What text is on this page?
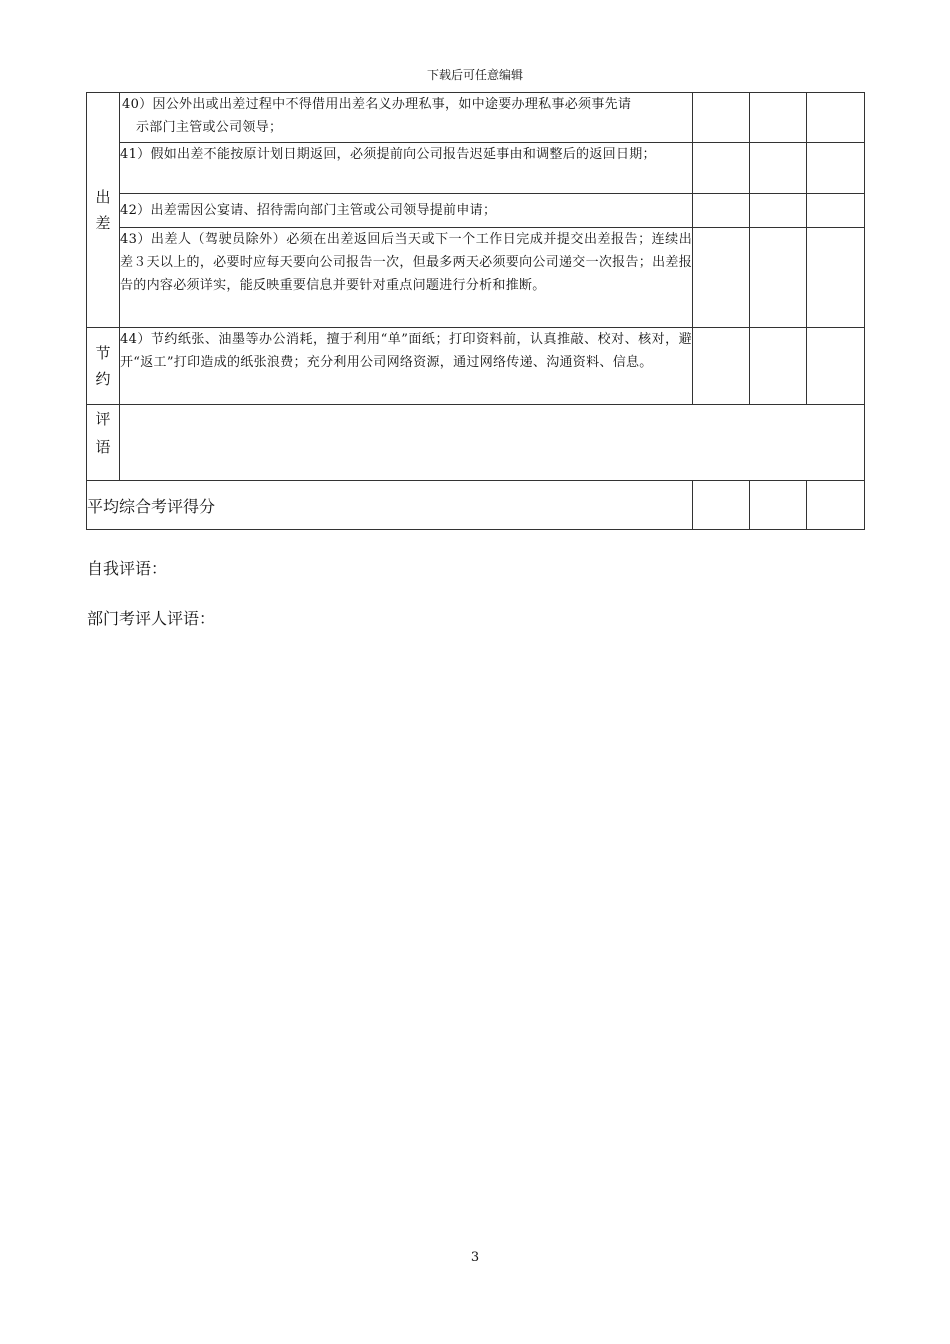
下载后可任意编辑
出差	40）因公外出或出差过程中不得借用出差名义办理私事，如中途要办理私事必须事先请
示部门主管或公司领导；			

	41）假如出差不能按原计划日期返回，必须提前向公司报告迟延事由和调整后的返回日期；			
	42）出差需因公宴请、招待需向部门主管或公司领导提前申请；			
	43）出差人（驾驶员除外）必须在出差返回后当天或下一个工作日完成并提交出差报告；连续出差３天以上的，必要时应每天要向公司报告一次，但最多两天必须要向公司递交一次报告；出差报告的内容必须详实，能反映重要信息并要针对重点问题进行分析和推断。			

节约	44）节约纸张、油墨等办公消耗，擅于利用“单”面纸；打印资料前，认真推敲、校对、核对，避开“返工”打印造成的纸张浪费；充分利用公司网络资源，通过网络传递、沟通资料、信息。			

评语				

平均综合考评得分				
自我评语：
部门考评人评语：
3
